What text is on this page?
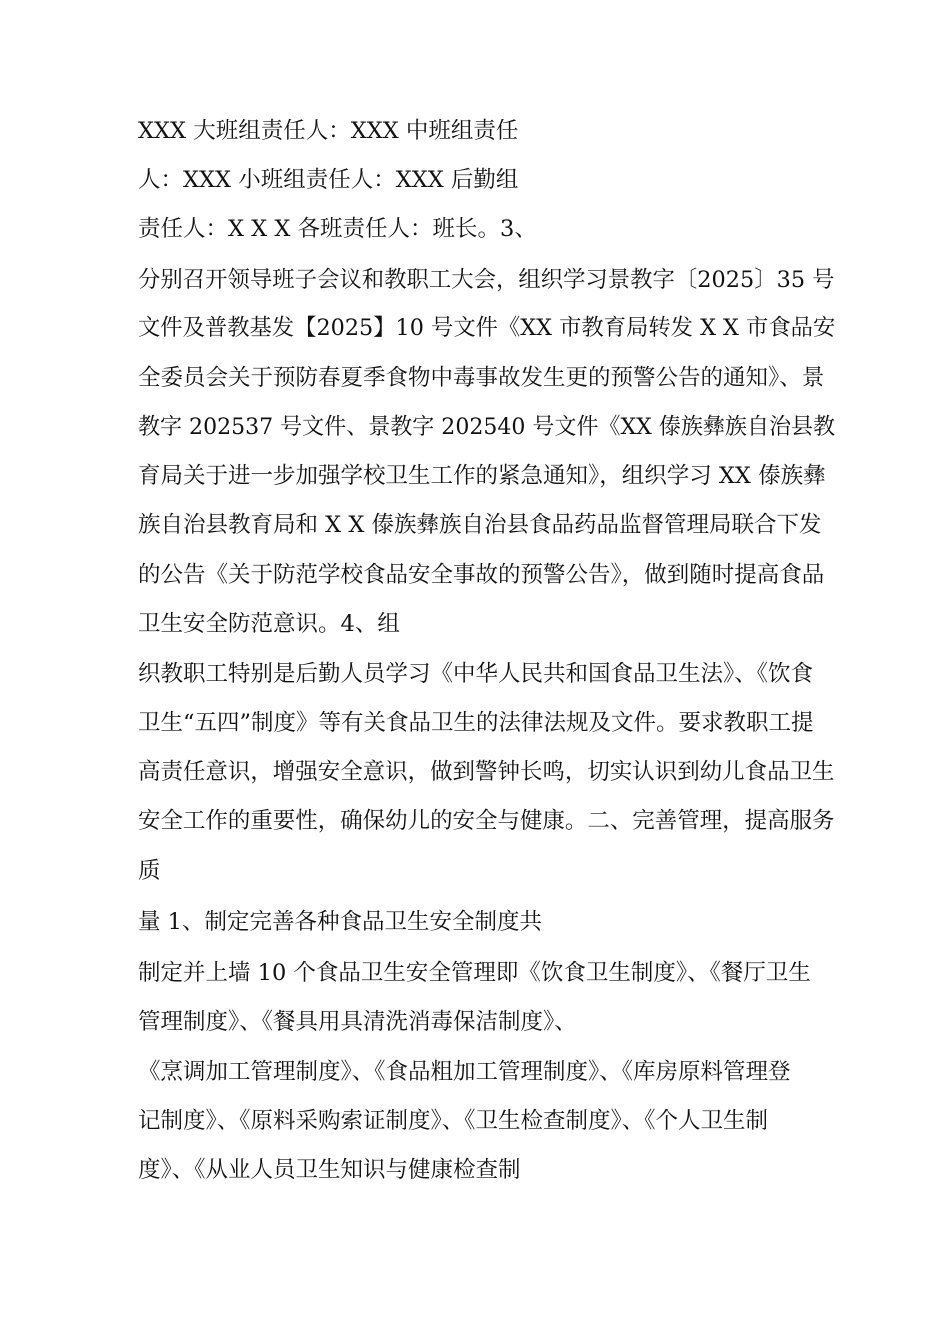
XXX 大班组责任人：XXX 中班组责任
人：XXX 小班组责任人：XXX 后勤组
责任人：X X X 各班责任人：班长。3、
分别召开领导班子会议和教职工大会，组织学习景教字〔2025〕35 号
文件及普教基发【2025】10 号文件《XX 市教育局转发 X X 市食品安
全委员会关于预防春夏季食物中毒事故发生更的预警公告的通知》、景
教字 202537 号文件、景教字 202540 号文件《XX 傣族彝族自治县教
育局关于进一步加强学校卫生工作的紧急通知》，组织学习 XX 傣族彝
族自治县教育局和 X X 傣族彝族自治县食品药品监督管理局联合下发
的公告《关于防范学校食品安全事故的预警公告》，做到随时提高食品
卫生安全防范意识。4、组
织教职工特别是后勤人员学习《中华人民共和国食品卫生法》、《饮食
卫生“五四”制度》等有关食品卫生的法律法规及文件。要求教职工提
高责任意识，增强安全意识，做到警钟长鸣，切实认识到幼儿食品卫生
安全工作的重要性，确保幼儿的安全与健康。二、完善管理，提高服务
质
量 1、制定完善各种食品卫生安全制度共
制定并上墙 10 个食品卫生安全管理即《饮食卫生制度》、《餐厅卫生
管理制度》、《餐具用具清洗消毒保洁制度》、
《烹调加工管理制度》、《食品粗加工管理制度》、《库房原料管理登
记制度》、《原料采购索证制度》、《卫生检查制度》、《个人卫生制
度》、《从业人员卫生知识与健康检查制
